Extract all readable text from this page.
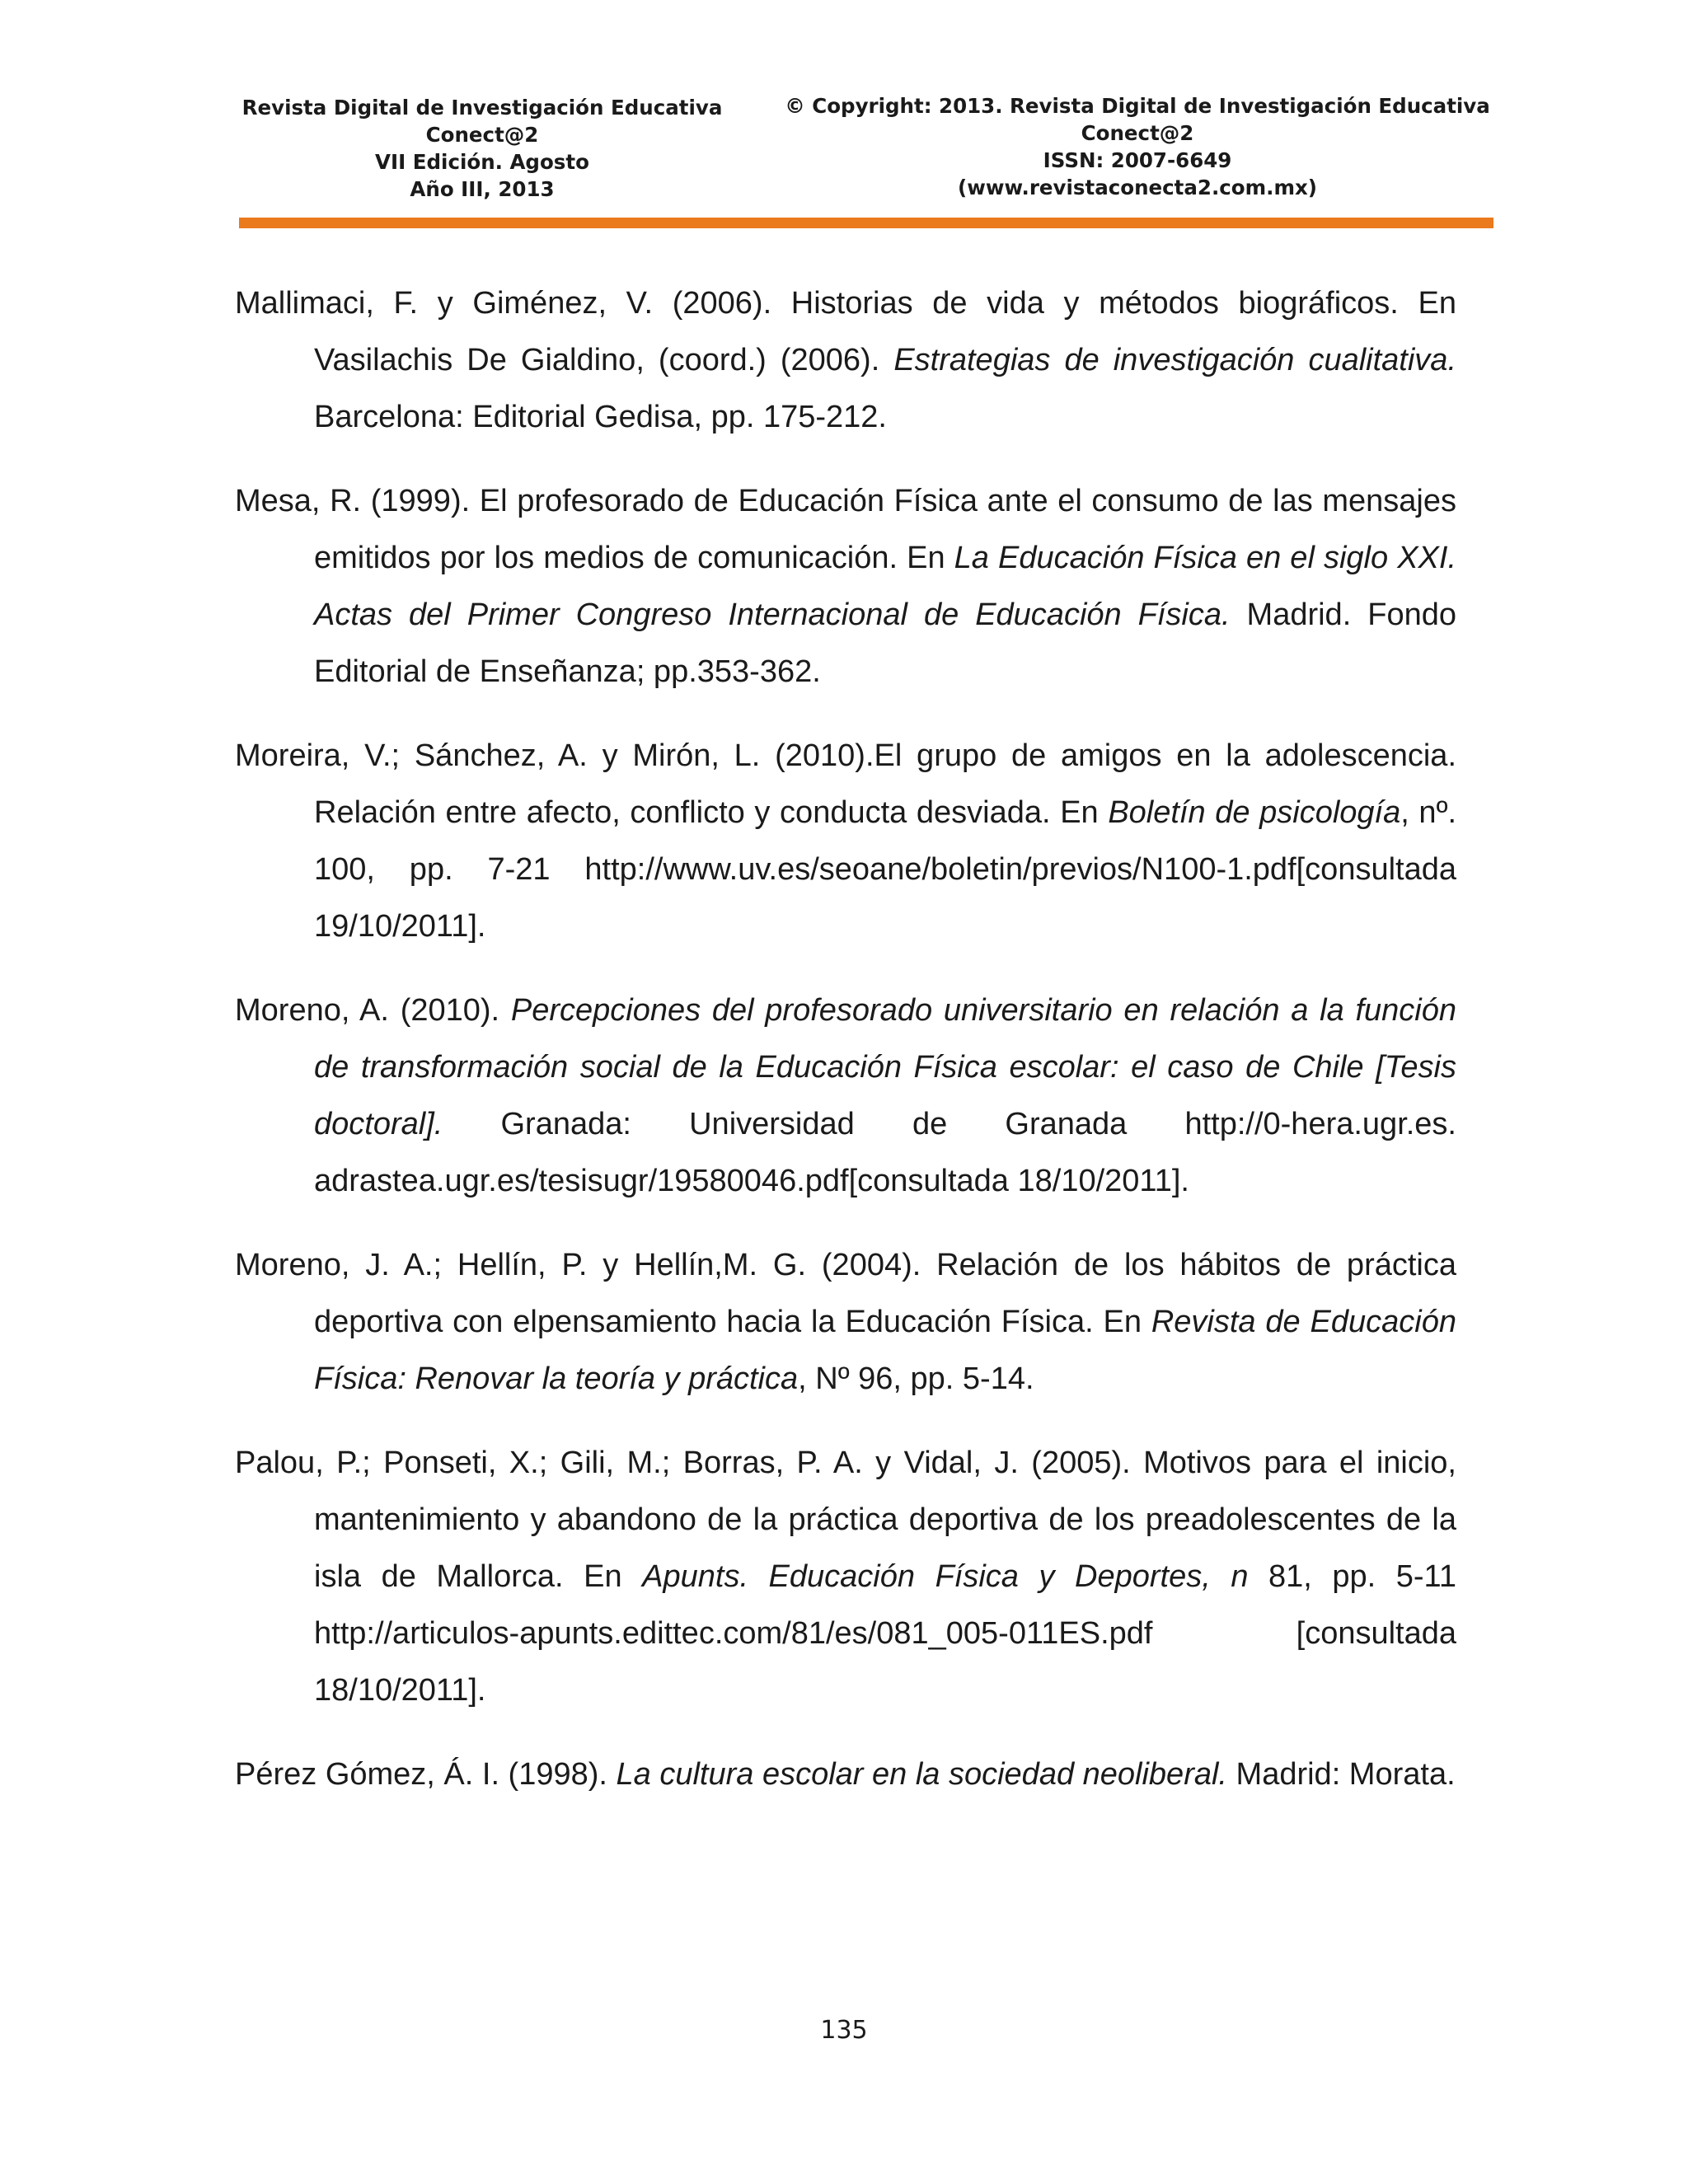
Revista Digital de Investigación Educativa
Conect@2
VII Edición. Agosto
Año III, 2013
© Copyright: 2013. Revista Digital de Investigación Educativa
Conect@2
ISSN: 2007-6649
(www.revistaconecta2.com.mx)

Mallimaci, F. y Giménez, V. (2006). Historias de vida y métodos biográficos. En Vasilachis De Gialdino, (coord.) (2006). Estrategias de investigación cualitativa. Barcelona: Editorial Gedisa, pp. 175-212.

Mesa, R. (1999). El profesorado de Educación Física ante el consumo de las mensajes emitidos por los medios de comunicación. En La Educación Física en el siglo XXI. Actas del Primer Congreso Internacional de Educación Física. Madrid. Fondo Editorial de Enseñanza; pp.353-362.

Moreira, V.; Sánchez, A. y Mirón, L. (2010).El grupo de amigos en la adolescencia. Relación entre afecto, conflicto y conducta desviada. En Boletín de psicología, nº. 100, pp. 7-21 http://www.uv.es/seoane/boletin/previos/N100-1.pdf[consultada 19/10/2011].

Moreno, A. (2010). Percepciones del profesorado universitario en relación a la función de transformación social de la Educación Física escolar: el caso de Chile [Tesis doctoral]. Granada: Universidad de Granada http://0-hera.ugr.es. adrastea.ugr.es/tesisugr/19580046.pdf[consultada 18/10/2011].

Moreno, J. A.; Hellín, P. y Hellín,M. G. (2004). Relación de los hábitos de práctica deportiva con elpensamiento hacia la Educación Física. En Revista de Educación Física: Renovar la teoría y práctica, Nº 96, pp. 5-14.

Palou, P.; Ponseti, X.; Gili, M.; Borras, P. A. y Vidal, J. (2005). Motivos para el inicio, mantenimiento y abandono de la práctica deportiva de los preadolescentes de la isla de Mallorca. En Apunts. Educación Física y Deportes, n 81, pp. 5-11 http://articulos-apunts.edittec.com/81/es/081_005-011ES.pdf [consultada 18/10/2011].

Pérez Gómez, Á. I. (1998). La cultura escolar en la sociedad neoliberal. Madrid: Morata.

135
